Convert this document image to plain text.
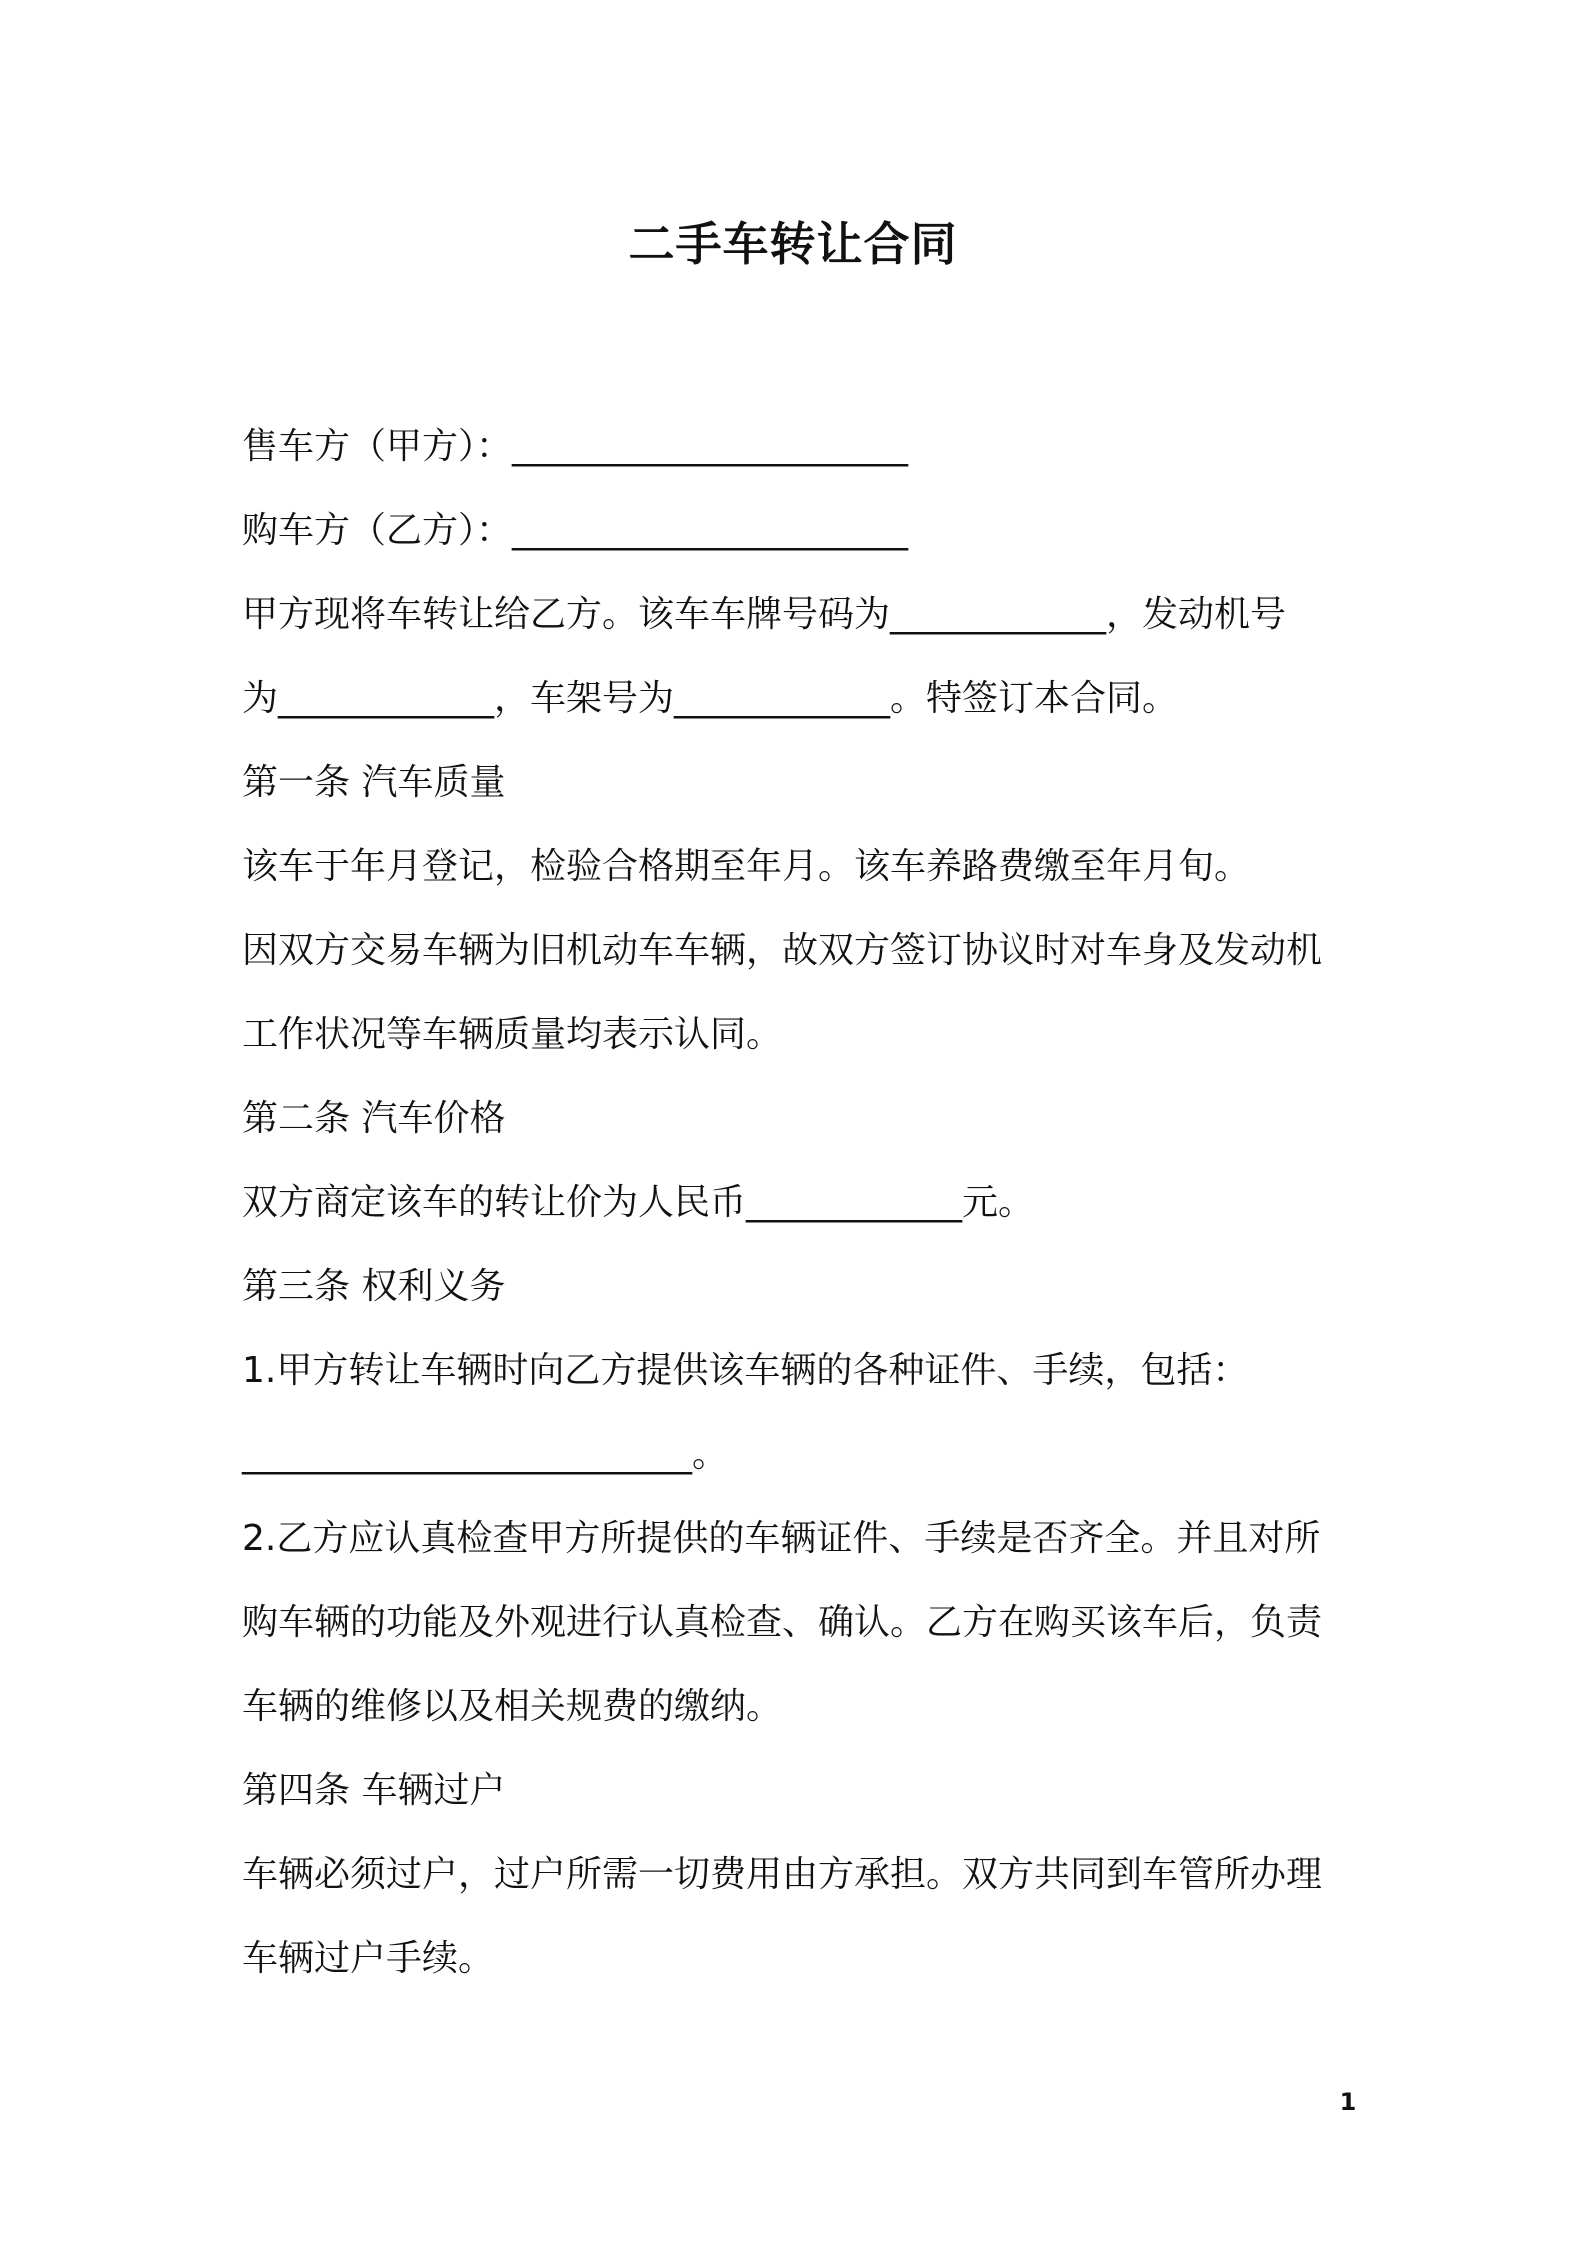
二手车转让合同

售车方（甲方）：______________________

购车方（乙方）：______________________

甲方现将车转让给乙方。该车车牌号码为____________，发动机号

为____________，车架号为____________。特签订本合同。

第一条 汽车质量

该车于年月登记，检验合格期至年月。该车养路费缴至年月旬。

因双方交易车辆为旧机动车车辆，故双方签订协议时对车身及发动机

工作状况等车辆质量均表示认同。

第二条 汽车价格

双方商定该车的转让价为人民币____________元。

第三条 权利义务

1.甲方转让车辆时向乙方提供该车辆的各种证件、手续，包括：

_________________________。

2.乙方应认真检查甲方所提供的车辆证件、手续是否齐全。并且对所

购车辆的功能及外观进行认真检查、确认。乙方在购买该车后，负责

车辆的维修以及相关规费的缴纳。

第四条 车辆过户

车辆必须过户，过户所需一切费用由方承担。双方共同到车管所办理

车辆过户手续。

1
